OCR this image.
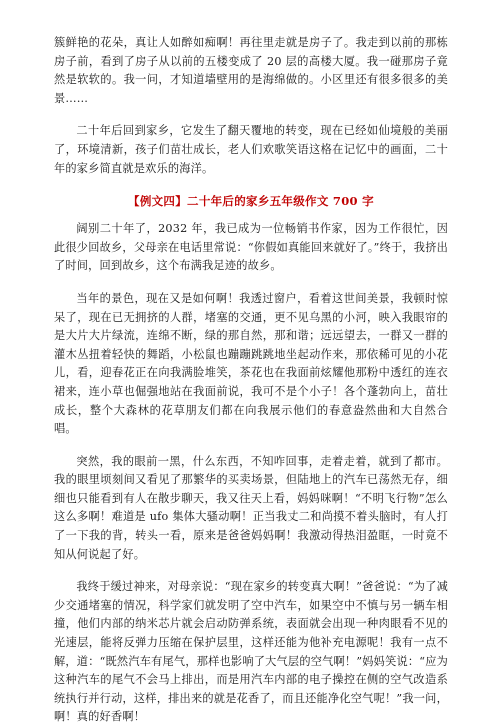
簇鲜艳的花朵，真让人如醉如痴啊！再往里走就是房子了。我走到以前的那栋房子前，看到了房子从以前的五楼变成了 20 层的高楼大厦。我一碰那房子竟然是软软的。我一问，才知道墙壁用的是海绵做的。小区里还有很多很多的美景……

二十年后回到家乡，它发生了翻天覆地的转变，现在已经如仙境般的美丽了，环境清新，孩子们苗壮成长，老人们欢歌笑语这格在记忆中的画面，二十年的家乡简直就是欢乐的海洋。

【例文四】二十年后的家乡五年级作文 700 字

阔别二十年了，2032 年，我已成为一位畅销书作家，因为工作很忙，因此很少回故乡，父母亲在电话里常说：“你假如真能回来就好了。”终于，我挤出了时间，回到故乡，这个布满我足迹的故乡。

当年的景色，现在又是如何啊！我透过窗户，看着这世间美景，我顿时惊呆了，现在已无拥挤的人群，堵塞的交通，更不见乌黑的小河，映入我眼帘的是大片大片绿流，连绵不断，绿的那自然，那和谐；远远望去，一群又一群的灌木丛扭着轻快的舞蹈，小松鼠也蹦蹦跳跳地坐起动作来，那依稀可见的小花儿，看，迎春花正在向我满脸堆笑，茶花也在我面前炫耀他那粉中透红的连衣裙来，连小草也倔强地站在我面前说，我可不是个小子！各个蓬勃向上，苗壮成长，整个大森林的花草朋友们都在向我展示他们的春意盎然曲和大自然合唱。

突然，我的眼前一黑，什么东西，不知咋回事，走着走着，就到了都市。我的眼里顷刻间又看见了那繁华的买卖场景，但陆地上的汽车已荡然无存，细细也只能看到有人在散步聊天，我又往天上看，妈妈咪啊！“不明飞行物”怎么这么多啊！难道是 ufo 集体大骚动啊！正当我丈二和尚摸不着头脑时，有人打了一下我的背，转头一看，原来是爸爸妈妈啊！我激动得热泪盈眶，一时竟不知从何说起了好。

我终于缓过神来，对母亲说：“现在家乡的转变真大啊！”爸爸说：“为了减少交通堵塞的情况，科学家们就发明了空中汽车，如果空中不慎与另一辆车相撞，他们内部的纳米芯片就会启动防弹系统，表面就会出现一种肉眼看不见的光速层，能将反弹力压缩在保护层里，这样还能为他补充电源呢！我有一点不解，道：“既然汽车有尾气，那样也影响了大气层的空气啊！”妈妈笑说：“应为这种汽车的尾气不会马上排出，而是用汽车内部的电子操控在侧的空气改造系统执行并行动，这样，排出来的就是花香了，而且还能净化空气呢！”我一问，啊！真的好香啊！
